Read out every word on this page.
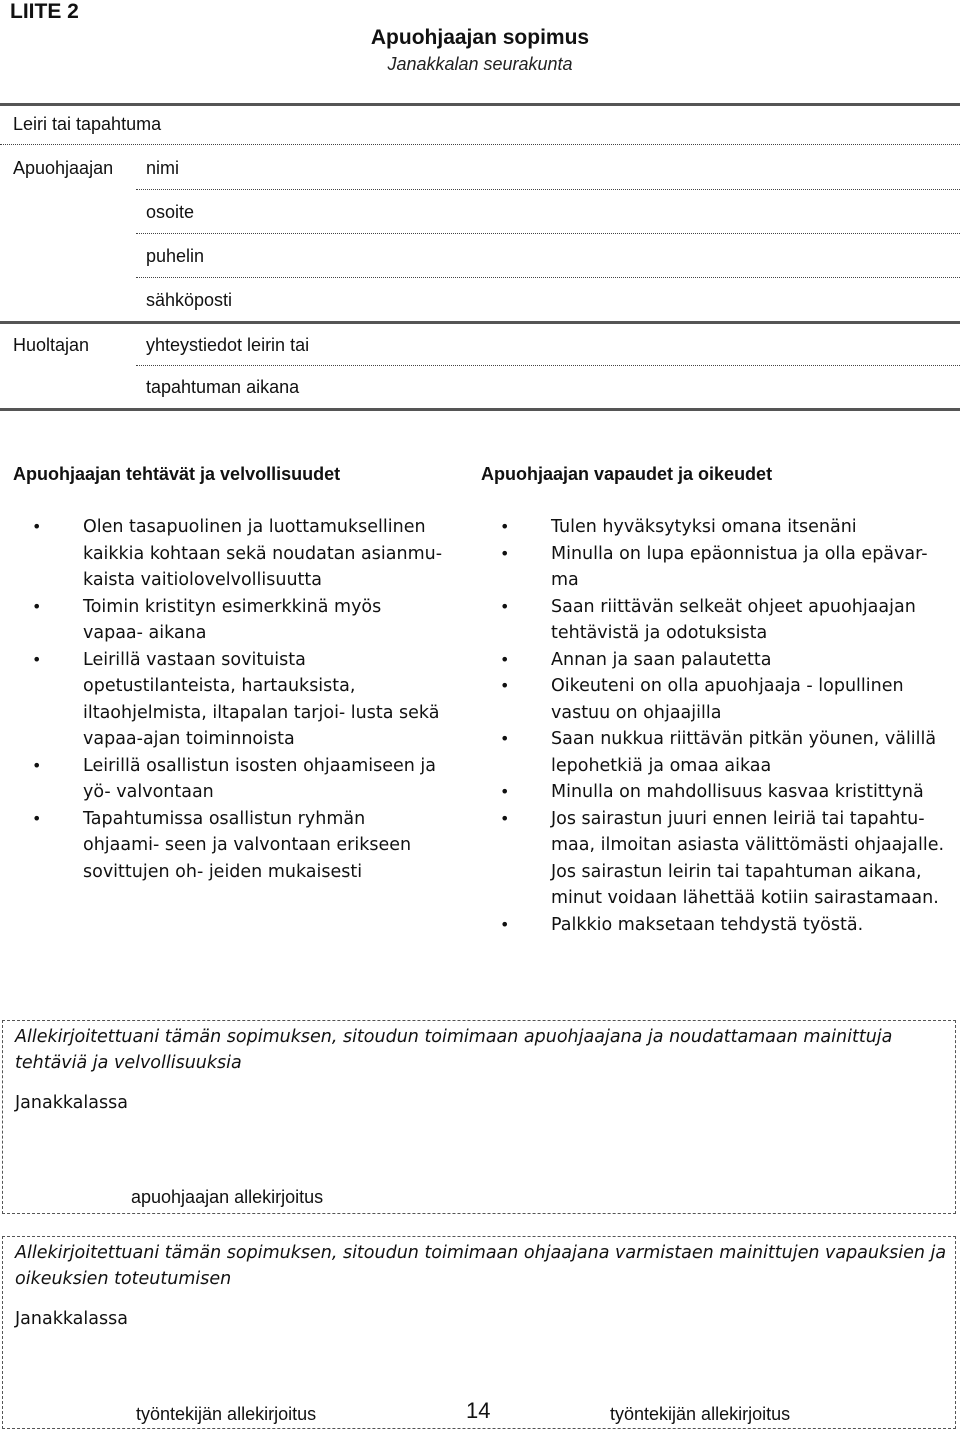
LIITE 2
Apuohjaajan sopimus
Janakkalan seurakunta
Leiri tai tapahtuma
Apuohjaajan nimi
osoite
puhelin
sähköposti
Huoltajan	yhteystiedot leirin tai
tapahtuman aikana
Apuohjaajan tehtävät ja velvollisuudet
• Olen tasapuolinen ja luottamuksellinen kaikkia kohtaan sekä noudatan asianmu- kaista vaitiolovelvollisuutta
• Toimin kristityn esimerkkinä myös vapaa- aikana
• Leirillä vastaan sovituista opetustilanteista, hartauksista, iltaohjelmista, iltapalan tarjoi- lusta sekä vapaa-ajan toiminnoista
• Leirillä osallistun isosten ohjaamiseen ja yö- valvontaan
• Tapahtumissa osallistun ryhmän ohjaami- seen ja valvontaan erikseen sovittujen oh- jeiden mukaisesti
Apuohjaajan vapaudet ja oikeudet
• Tulen hyväksytyksi omana itsenäni
• Minulla on lupa epäonnistua ja olla epävar- ma
• Saan riittävän selkeät ohjeet apuohjaajan tehtävistä ja odotuksista
• Annan ja saan palautetta
• Oikeuteni on olla apuohjaaja - lopullinen vastuu on ohjaajilla
• Saan nukkua riittävän pitkän yöunen, välillä lepohetkiä ja omaa aikaa
• Minulla on mahdollisuus kasvaa kristittynä
• Jos sairastun juuri ennen leiriä tai tapahtu- maa, ilmoitan asiasta välittömästi ohjaajalle. Jos sairastun leirin tai tapahtuman aikana, minut voidaan lähettää kotiin sairastamaan.
• Palkkio maksetaan tehdystä työstä.
Allekirjoitettuani tämän sopimuksen, sitoudun toimimaan apuohjaajana ja noudattamaan mainittuja tehtäviä ja velvollisuuksia
Janakkalassa
apuohjaajan allekirjoitus
Allekirjoitettuani tämän sopimuksen, sitoudun toimimaan ohjaajana varmistaen mainittujen vapauksien ja oikeuksien toteutumisen
Janakkalassa
työntekijän allekirjoitus	työntekijän allekirjoitus
14
